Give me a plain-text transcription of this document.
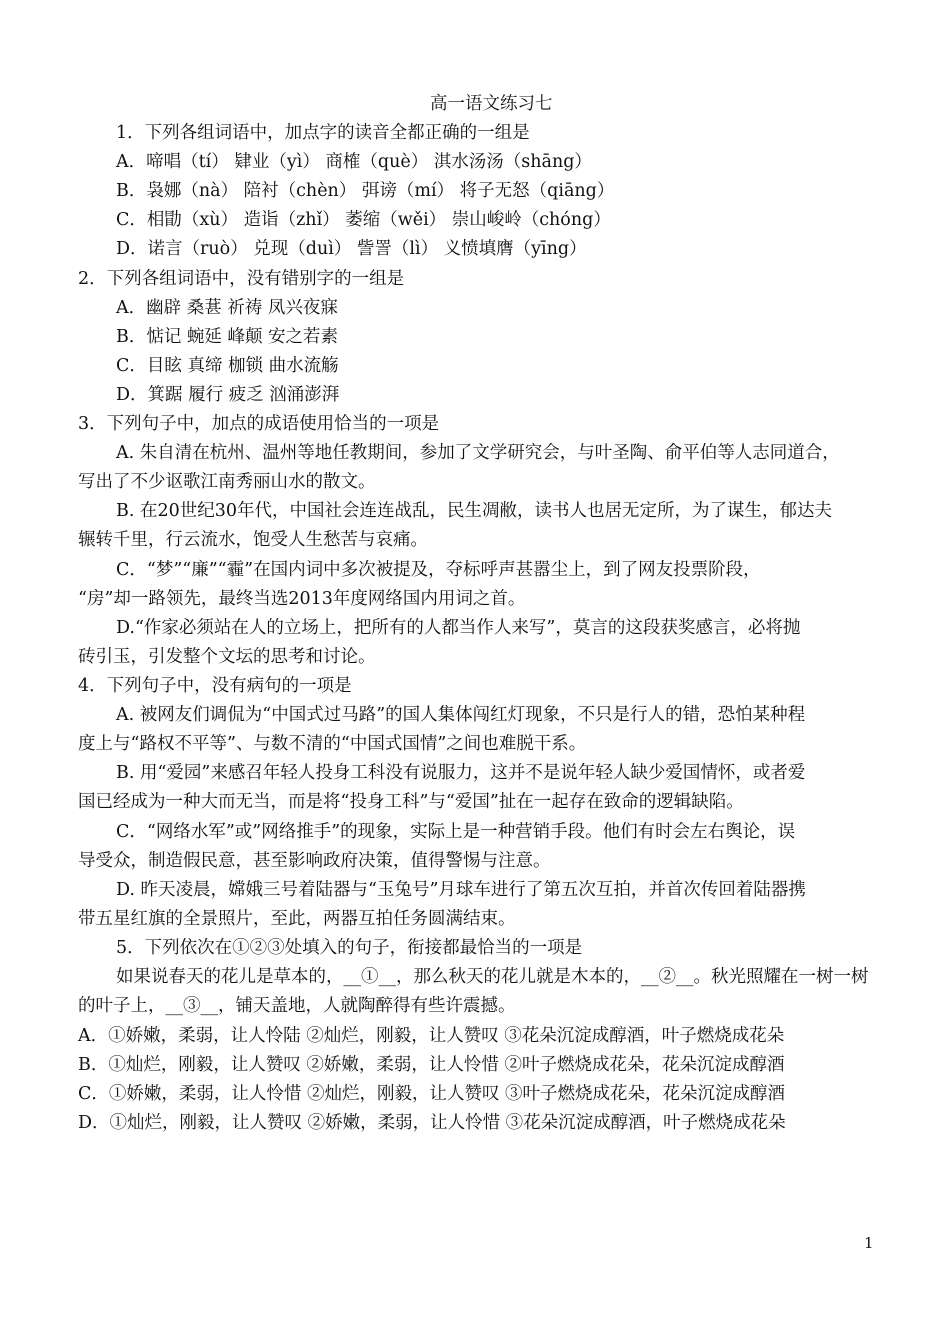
高一语文练习七
1．下列各组词语中，加点字的读音全都正确的一组是
A．啼唱（tí） 肄业（yì） 商榷（què） 淇水汤汤（shāng）
B．袅娜（nà） 陪衬（chèn） 弭谤（mí） 将子无怒（qiāng）
C．相勖（xù） 造诣（zhǐ） 萎缩（wěi） 崇山峻岭（chóng）
D．诺言（ruò） 兑现（duì） 訾詈（lì） 义愤填膺（yīng）
2．下列各组词语中，没有错别字的一组是
A．幽辟 桑葚 祈祷 凤兴夜寐
B．惦记 蜿延 峰颠 安之若素
C．目眩 真缔 枷锁 曲水流觞
D．箕踞 履行 疲乏 汹涌澎湃
3．下列句子中，加点的成语使用恰当的一项是
A. 朱自清在杭州、温州等地任教期间，参加了文学研究会，与叶圣陶、俞平伯等人志同道合，
写出了不少讴歌江南秀丽山水的散文。
B. 在20世纪30年代，中国社会连连战乱，民生凋敝，读书人也居无定所，为了谋生，郁达夫
辗转千里，行云流水，饱受人生愁苦与哀痛。
C．“梦”“廉”“霾”在国内词中多次被提及，夺标呼声甚嚣尘上，到了网友投票阶段，
“房”却一路领先，最终当选2013年度网络国内用词之首。
D.“作家必须站在人的立场上，把所有的人都当作人来写”，莫言的这段获奖感言，必将抛
砖引玉，引发整个文坛的思考和讨论。
4．下列句子中，没有病句的一项是
A. 被网友们调侃为“中国式过马路”的国人集体闯红灯现象，不只是行人的错，恐怕某种程
度上与“路权不平等”、与数不清的“中国式国情”之间也难脱干系。
B. 用“爱园”来感召年轻人投身工科没有说服力，这并不是说年轻人缺少爱国情怀，或者爱
国已经成为一种大而无当，而是将“投身工科”与“爱国”扯在一起存在致命的逻辑缺陷。
C．“网络水军”或”网络推手”的现象，实际上是一种营销手段。他们有时会左右舆论，误
导受众，制造假民意，甚至影响政府决策，值得警惕与注意。
D. 昨天凌晨，嫦娥三号着陆器与“玉兔号”月球车进行了第五次互拍，并首次传回着陆器携
带五星红旗的全景照片，至此，两器互拍任务圆满结束。
5．下列依次在①②③处填入的句子，衔接都最恰当的一项是
如果说春天的花儿是草本的，__①__，那么秋天的花儿就是木本的，__②__。秋光照耀在一树一树
的叶子上，__③__，铺天盖地，人就陶醉得有些许震撼。
A．①娇嫩，柔弱，让人怜陆 ②灿烂，刚毅，让人赞叹 ③花朵沉淀成醇酒，叶子燃烧成花朵
B．①灿烂，刚毅，让人赞叹 ②娇嫩，柔弱，让人怜惜 ②叶子燃烧成花朵，花朵沉淀成醇酒
C．①娇嫩，柔弱，让人怜惜 ②灿烂，刚毅，让人赞叹 ③叶子燃烧成花朵，花朵沉淀成醇酒
D．①灿烂，刚毅，让人赞叹 ②娇嫩，柔弱，让人怜惜 ③花朵沉淀成醇酒，叶子燃烧成花朵
1
